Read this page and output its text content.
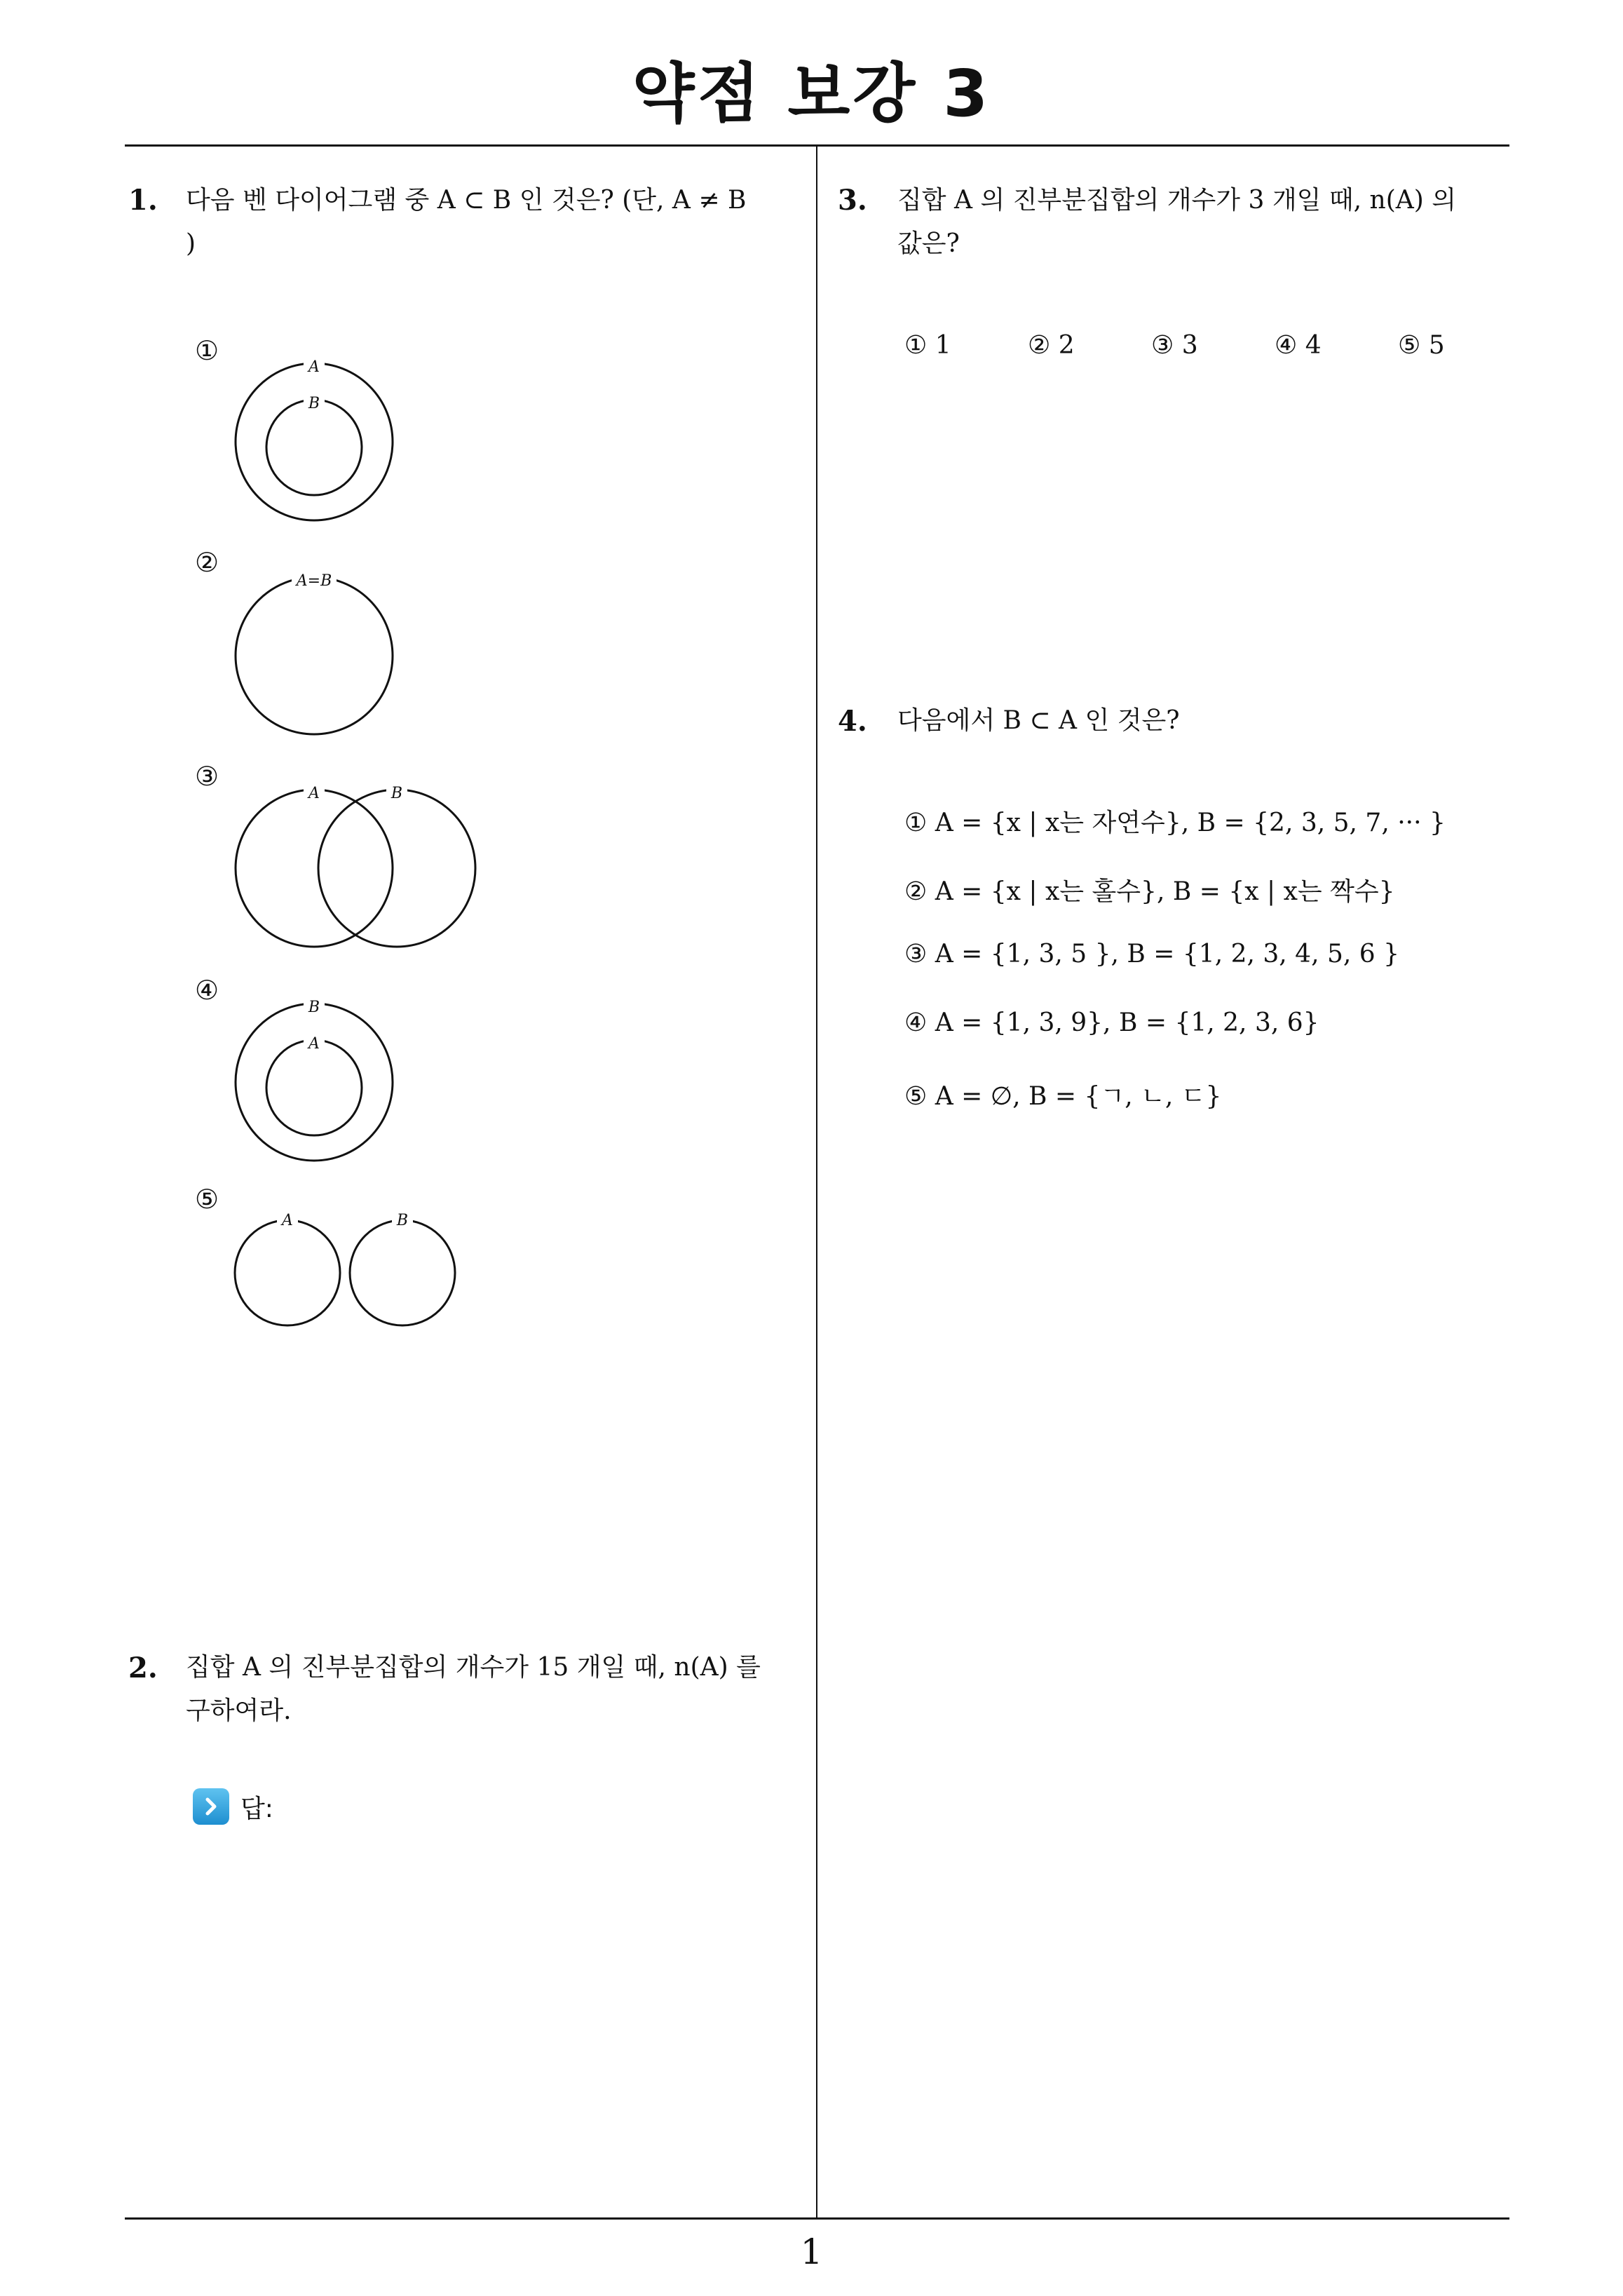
약점 보강 3
1. 다음 벤 다이어그램 중 A ⊂ B 인 것은? (단, A ≠ B
)
①
A
B
②
A=B
③
A	B
④
B
A
⑤
A	B
2. 집합 A 의 진부분집합의 개수가 15 개일 때, n(A) 를
구하여라.
답:
3. 집합 A 의 진부분집합의 개수가 3 개일 때, n(A) 의
값은?
① 1	② 2	③ 3	④ 4	⑤ 5
4. 다음에서 B ⊂ A 인 것은?
① A = {x | x는 자연수}, B = {2, 3, 5, 7, ··· }
② A = {x | x는 홀수}, B = {x | x는 짝수}
③ A = {1, 3, 5 }, B = {1, 2, 3, 4, 5, 6 }
④ A = {1, 3, 9}, B = {1, 2, 3, 6}
⑤ A = ∅, B = {ㄱ, ㄴ, ㄷ}
1
